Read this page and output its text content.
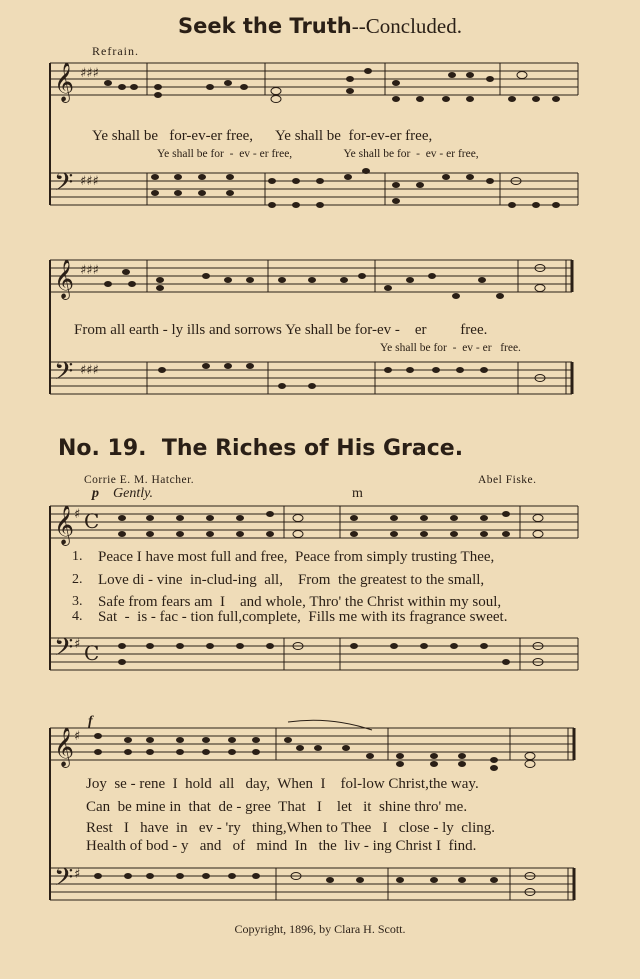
Seek the Truth--Concluded.
Refrain.
𝄞
𝄢
♯♯♯
♯♯♯
Ye shall be   for-ev-er free,      Ye shall be  for-ev-er free,
Ye shall be for  -  ev - er free,                  Ye shall be for  -  ev - er free,
𝄞
𝄢
♯♯♯
♯♯♯
From all earth - ly ills and sorrows Ye shall be for-ev -    er         free.
Ye shall be for  -  ev - er   free.
No. 19. The Riches of His Grace.
Corrie E. M. Hatcher.	Abel Fiske.
p Gently.	m
𝄞
𝄢
♯
♯
C
C
1.
2.
3.
4.
Peace I have most full and free,  Peace from simply trusting Thee,
Love di - vine  in-clud-ing  all,    From  the greatest to the small,
Safe from fears am  I    and whole, Thro' the Christ within my soul,
Sat  -  is - fac - tion full,complete,  Fills me with its fragrance sweet.
f
𝄞
𝄢
♯
♯
Joy  se - rene  I  hold  all   day,  When  I    fol-low Christ,the way.
Can  be mine in  that  de - gree  That   I    let   it  shine thro' me.
Rest   I   have  in   ev - 'ry   thing,When to Thee   I   close - ly  cling.
Health of bod - y   and   of   mind  In   the  liv - ing Christ I  find.
Copyright, 1896, by Clara H. Scott.
